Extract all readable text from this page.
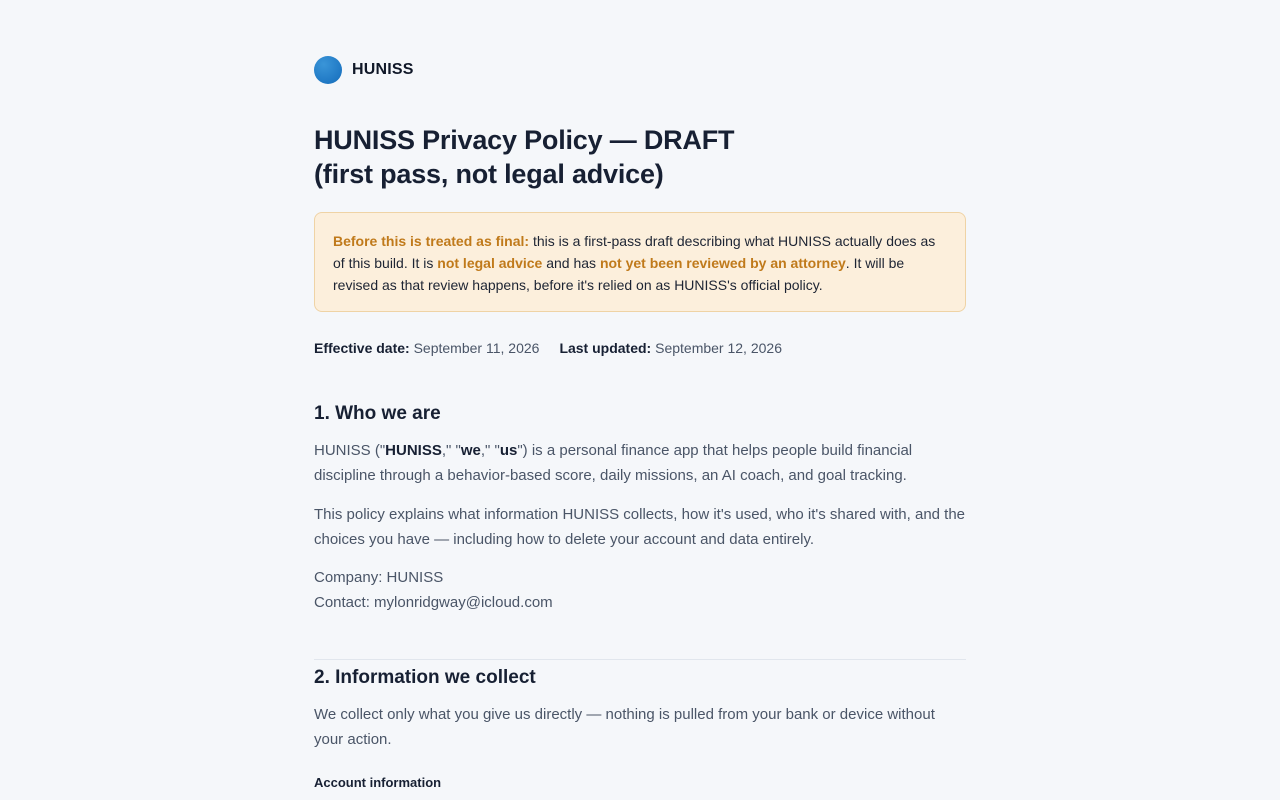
HUNISS
HUNISS Privacy Policy — DRAFT
(first pass, not legal advice)
Before this is treated as final: this is a first-pass draft describing what HUNISS actually does as of this build. It is not legal advice and has not yet been reviewed by an attorney. It will be revised as that review happens, before it's relied on as HUNISS's official policy.
Effective date: September 11, 2026 Last updated: September 12, 2026
1. Who we are

HUNISS ("HUNISS," "we," "us") is a personal finance app that helps people build financial discipline through a behavior-based score, daily missions, an AI coach, and goal tracking.

This policy explains what information HUNISS collects, how it's used, who it's shared with, and the choices you have — including how to delete your account and data entirely.

Company: HUNISS
Contact: mylonridgway@icloud.com

2. Information we collect

We collect only what you give us directly — nothing is pulled from your bank or device without your action.

Account information
